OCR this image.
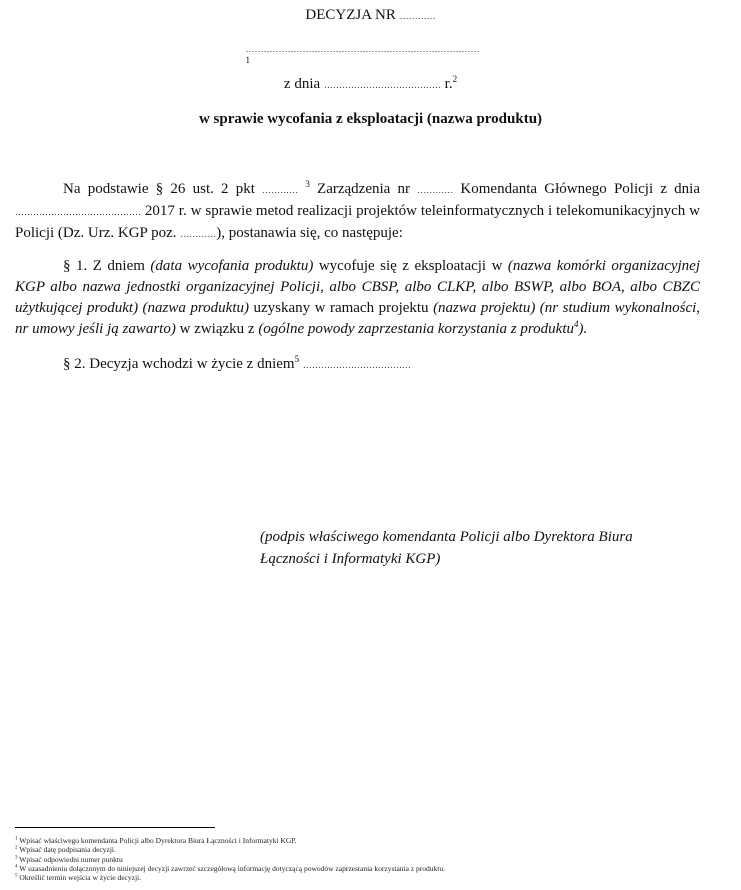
DECYZJA NR …………
……………………………………………………………………$^1$
z dnia ………………………………… r.$^2$
w sprawie wycofania z eksploatacji (nazwa produktu)
Na podstawie § 26 ust. 2 pkt ………… $^3$ Zarządzenia nr ………… Komendanta Głównego Policji z dnia …………………………………… 2017 r. w sprawie metod realizacji projektów teleinformatycznych i telekomunikacyjnych w Policji (Dz. Urz. KGP poz. …………), postanawia się, co następuje:
§ 1. Z dniem (data wycofania produktu) wycofuje się z eksploatacji w (nazwa komórki organizacyjnej KGP albo nazwa jednostki organizacyjnej Policji, albo CBSP, albo CLKP, albo BSWP, albo BOA, albo CBZC użytkującej produkt) (nazwa produktu) uzyskany w ramach projektu (nazwa projektu) (nr studium wykonalności, nr umowy jeśli ją zawarto) w związku z (ogólne powody zaprzestania korzystania z produktu$^4$).
§ 2. Decyzja wchodzi w życie z dniem$^5$ ………………………………
(podpis właściwego komendanta Policji albo Dyrektora Biura
Łączności i Informatyki KGP)
$^1$ Wpisać właściwego komendanta Policji albo Dyrektora Biura Łączności i Informatyki KGP.
$^2$ Wpisać datę podpisania decyzji.
$^3$ Wpisać odpowiedni numer punktu
$^4$ W uzasadnieniu dołączonym do niniejszej decyzji zawrzeć szczegółową informację dotyczącą powodów zaprzestania korzystania z produktu.
$^5$ Określić termin wejścia w życie decyzji.
